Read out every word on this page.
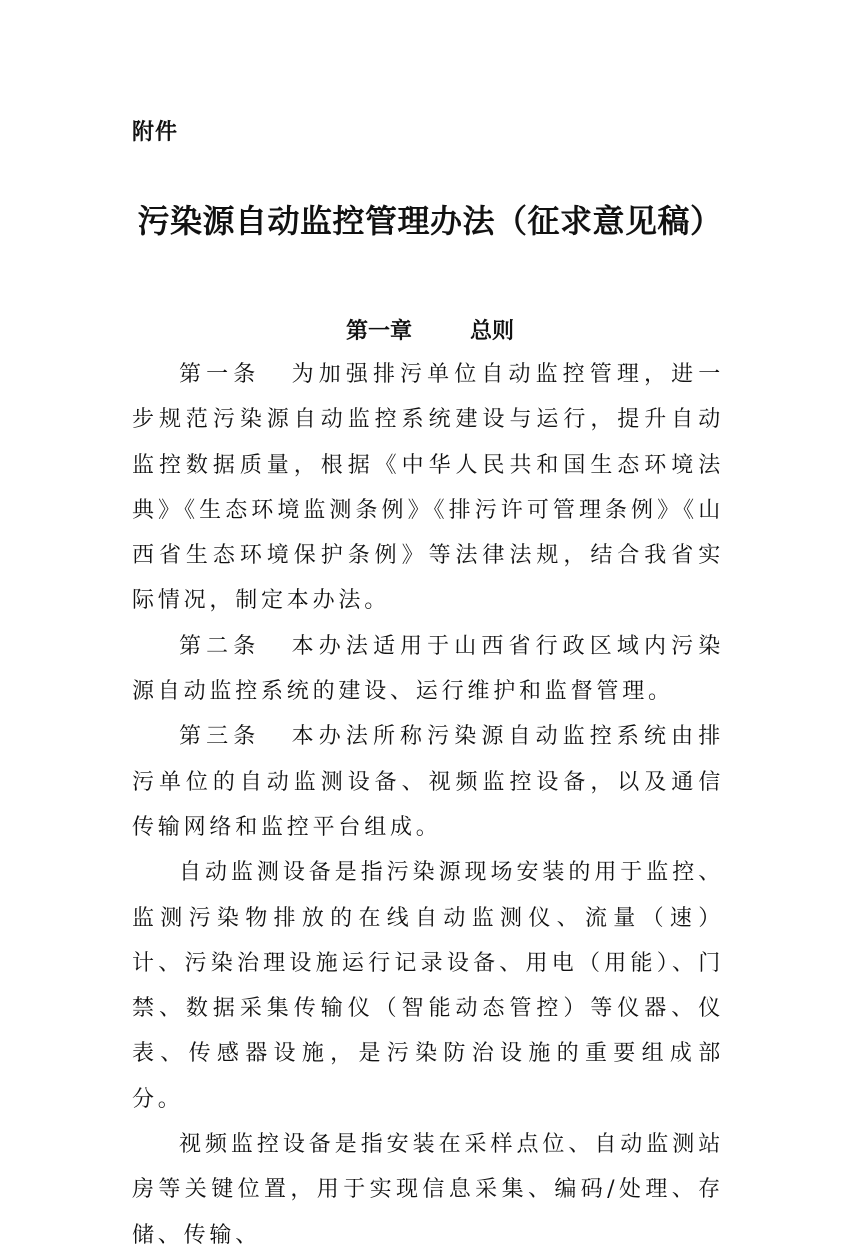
附件
污染源自动监控管理办法（征求意见稿）
第一章	总则

第一条 为加强排污单位自动监控管理，进一步规范污染源自动监控系统建设与运行，提升自动监控数据质量，根据《中华人民共和国生态环境法典》《生态环境监测条例》《排污许可管理条例》《山西省生态环境保护条例》等法律法规，结合我省实际情况，制定本办法。

第二条 本办法适用于山西省行政区域内污染源自动监控系统的建设、运行维护和监督管理。

第三条 本办法所称污染源自动监控系统由排污单位的自动监测设备、视频监控设备，以及通信传输网络和监控平台组成。

自动监测设备是指污染源现场安装的用于监控、监测污染物排放的在线自动监测仪、流量（速）计、污染治理设施运行记录设备、用电（用能）、门禁、数据采集传输仪（智能动态管控）等仪器、仪表、传感器设施，是污染防治设施的重要组成部分。

视频监控设备是指安装在采样点位、自动监测站房等关键位置，用于实现信息采集、编码/处理、存储、传输、
